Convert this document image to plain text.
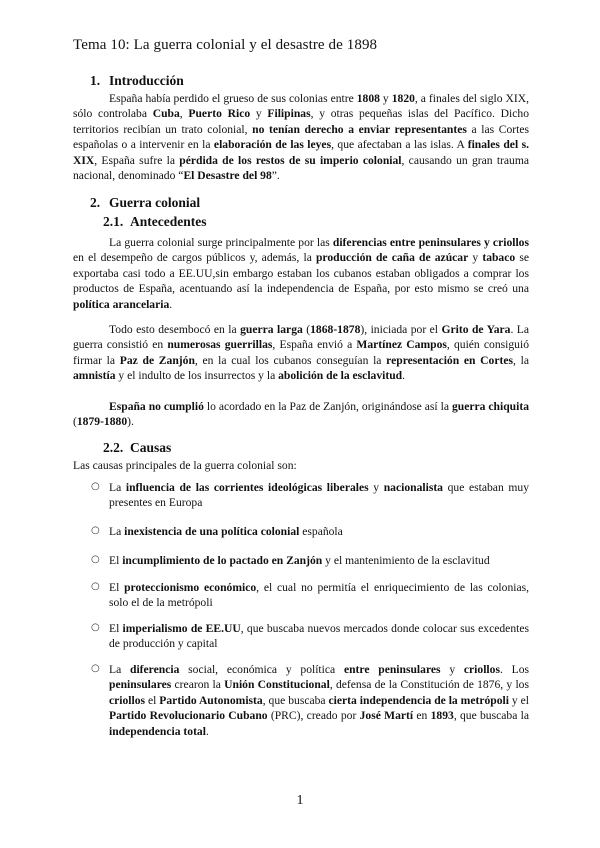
Tema 10: La guerra colonial y el desastre de 1898
1. Introducción

España había perdido el grueso de sus colonias entre 1808 y 1820, a finales del siglo XIX, sólo controlaba Cuba, Puerto Rico y Filipinas, y otras pequeñas islas del Pacífico. Dicho territorios recibían un trato colonial, no tenían derecho a enviar representantes a las Cortes españolas o a intervenir en la elaboración de las leyes, que afectaban a las islas. A finales del s. XIX, España sufre la pérdida de los restos de su imperio colonial, causando un gran trauma nacional, denominado “El Desastre del 98”.

2. Guerra colonial
2.1. Antecedentes

La guerra colonial surge principalmente por las diferencias entre peninsulares y criollos en el desempeño de cargos públicos y, además, la producción de caña de azúcar y tabaco se exportaba casi todo a EE.UU,sin embargo estaban los cubanos estaban obligados a comprar los productos de España, acentuando así la independencia de España, por esto mismo se creó una política arancelaria.

Todo esto desembocó en la guerra larga (1868-1878), iniciada por el Grito de Yara. La guerra consistió en numerosas guerrillas, España envió a Martínez Campos, quién consiguió firmar la Paz de Zanjón, en la cual los cubanos conseguían la representación en Cortes, la amnistía y el indulto de los insurrectos y la abolición de la esclavitud.

España no cumplió lo acordado en la Paz de Zanjón, originándose así la guerra chiquita (1879-1880).

2.2. Causas
Las causas principales de la guerra colonial son:
○ La influencia de las corrientes ideológicas liberales y nacionalista que estaban muy presentes en Europa
○ La inexistencia de una política colonial española
○ El incumplimiento de lo pactado en Zanjón y el mantenimiento de la esclavitud
○ El proteccionismo económico, el cual no permitía el enriquecimiento de las colonias, solo el de la metrópoli
○ El imperialismo de EE.UU, que buscaba nuevos mercados donde colocar sus excedentes de producción y capital
○ La diferencia social, económica y política entre peninsulares y criollos. Los peninsulares crearon la Unión Constitucional, defensa de la Constitución de 1876, y los criollos el Partido Autonomista, que buscaba cierta independencia de la metrópoli y el Partido Revolucionario Cubano (PRC), creado por José Martí en 1893, que buscaba la independencia total.
1
